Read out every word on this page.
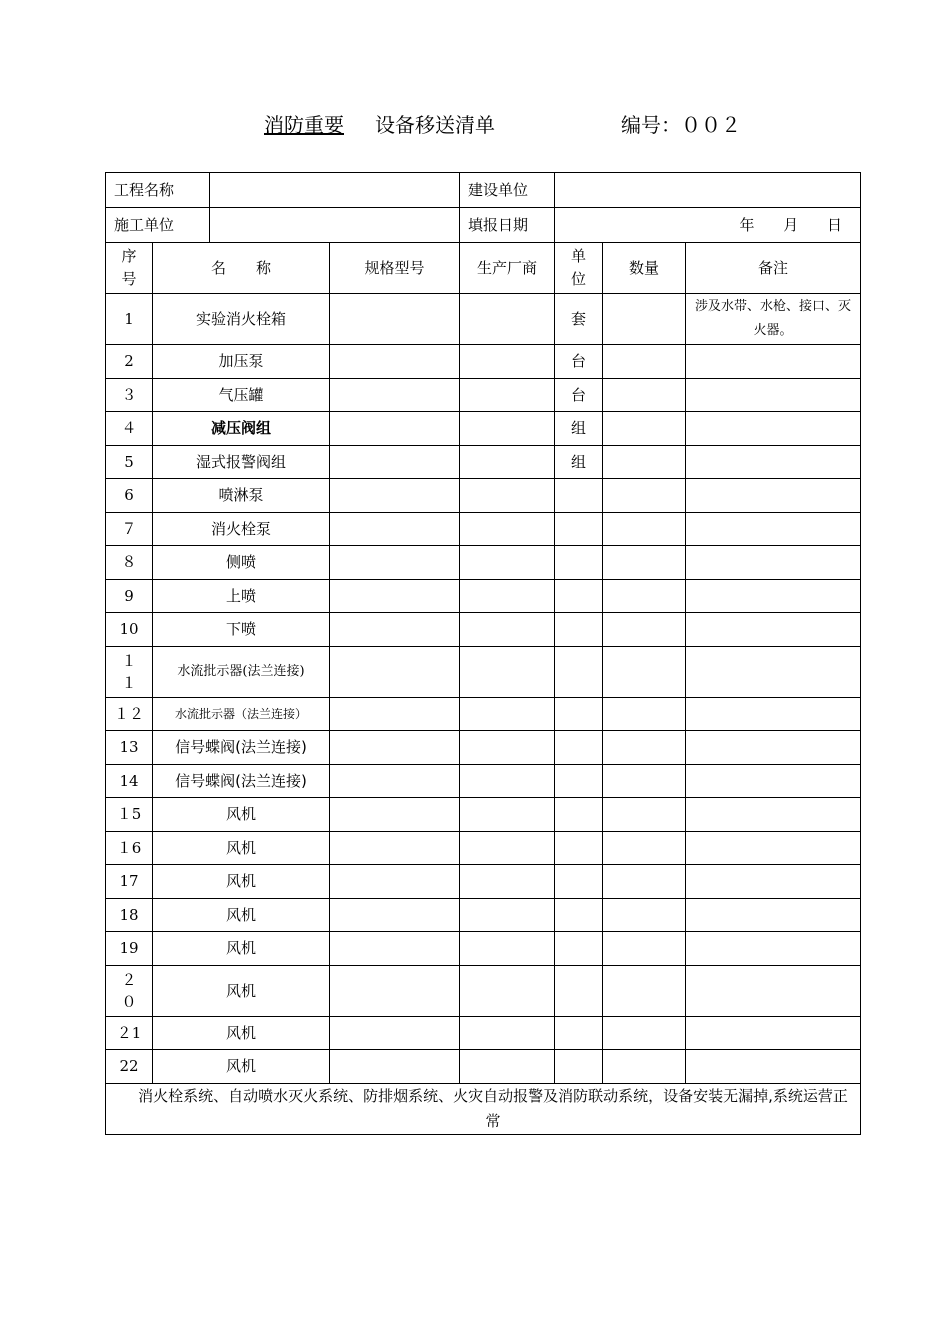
消防重要 设备移送清单	编号：００２
工程名称				建设单位			
施工单位				填报日期	年 月 日		
序号	名　　称		规格型号	生产厂商	单位	数量	备注
1	实验消火栓箱				套		涉及水带、水枪、接口、灭火器。
2	加压泵				台		
３	气压罐				台		
４	减压阀组				组		
5	湿式报警阀组				组		
6	喷淋泵						
７	消火栓泵						
８	侧喷						
9	上喷						
10	下喷						
１１	水流批示器(法兰连接)						
１２	水流批示器（法兰连接）						
13	信号蝶阀(法兰连接)						
14	信号蝶阀(法兰连接)						
１5	风机						
１6	风机						
17	风机						
18	风机						
19	风机						
２０	风机						
２1	风机						
22	风机						
消火栓系统、自动喷水灭火系统、防排烟系统、火灾自动报警及消防联动系统，设备安装无漏掉,系统运营正常							
